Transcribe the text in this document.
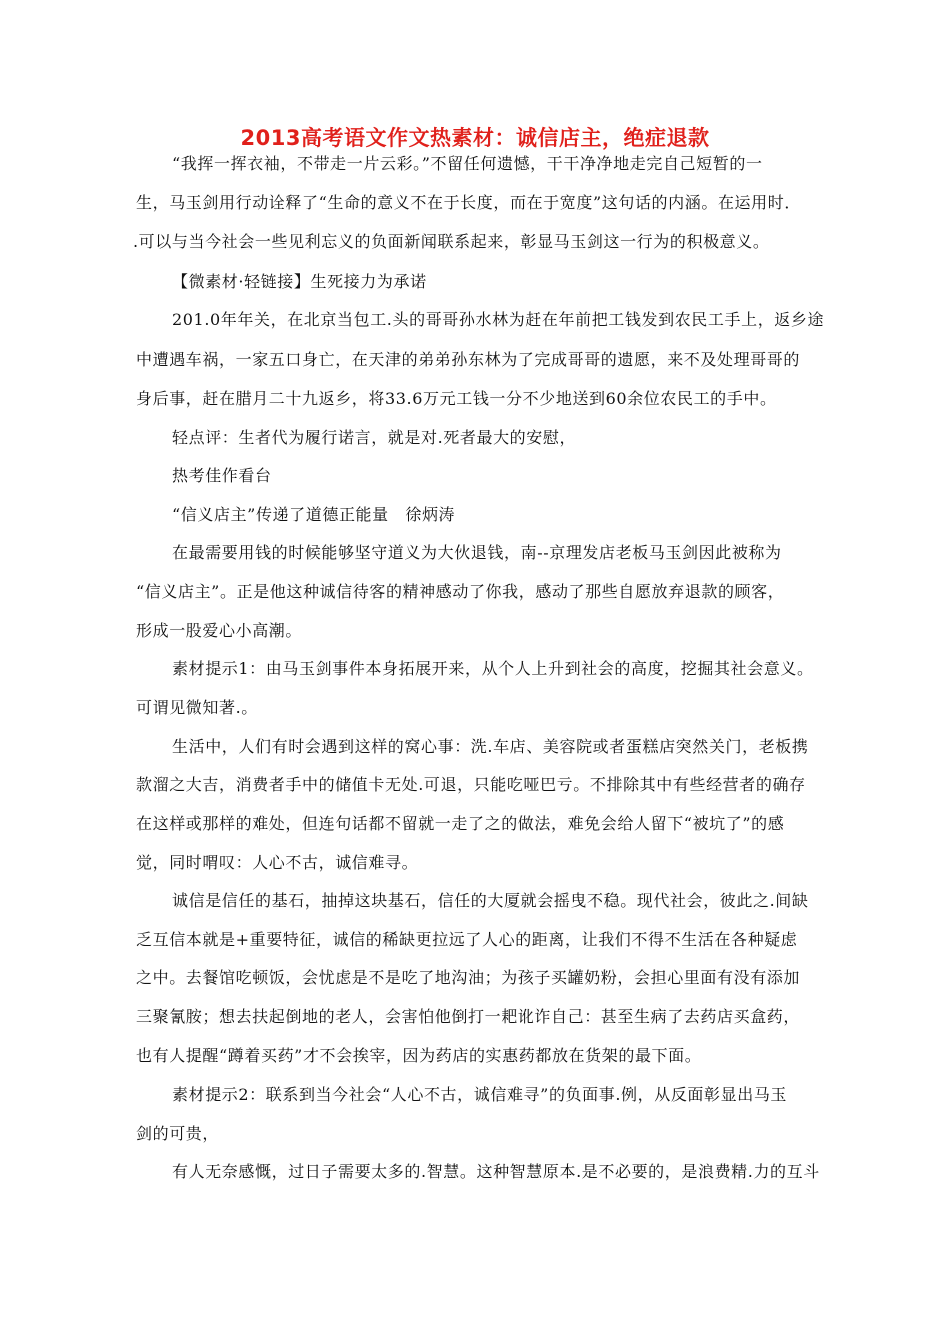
2013高考语文作文热素材：诚信店主，绝症退款
“我挥一挥衣袖，不带走一片云彩。”不留任何遗憾，干干净净地走完自己短暂的一
生，马玉剑用行动诠释了“生命的意义不在于长度，而在于宽度”这句话的内涵。在运用时．
.可以与当今社会一些见利忘义的负面新闻联系起来，彰显马玉剑这一行为的积极意义。
【微素材·轻链接】生死接力为承诺
201.0年年关，在北京当包工.头的哥哥孙水林为赶在年前把工钱发到农民工手上，返乡途
中遭遇车祸，一家五口身亡，在天津的弟弟孙东林为了完成哥哥的遗愿，来不及处理哥哥的
身后事，赶在腊月二十九返乡，将33.6万元工钱一分不少地送到60余位农民工的手中。
轻点评：生者代为履行诺言，就是对.死者最大的安慰，
热考佳作看台
“信义店主”传递了道德正能量　徐炳涛
在最需要用钱的时候能够坚守道义为大伙退钱，南--京理发店老板马玉剑因此被称为
“信义店主”。正是他这种诚信待客的精神感动了你我，感动了那些自愿放弃退款的顾客，
形成一股爱心小高潮。
素材提示1：由马玉剑事件本身拓展开来，从个人上升到社会的高度，挖掘其社会意义。
可谓见微知著.。
生活中，人们有时会遇到这样的窝心事：洗.车店、美容院或者蛋糕店突然关门，老板携
款溜之大吉，消费者手中的储值卡无处.可退，只能吃哑巴亏。不排除其中有些经营者的确存
在这样或那样的难处，但连句话都不留就一走了之的做法，难免会给人留下“被坑了”的感
觉，同时喟叹：人心不古，诚信难寻。
诚信是信任的基石，抽掉这块基石，信任的大厦就会摇曳不稳。现代社会，彼此之.间缺
乏互信本就是+重要特征，诚信的稀缺更拉远了人心的距离，让我们不得不生活在各种疑虑
之中。去餐馆吃顿饭，会忧虑是不是吃了地沟油；为孩子买罐奶粉，会担心里面有没有添加
三聚氰胺；想去扶起倒地的老人，会害怕他倒打一耙讹诈自己：甚至生病了去药店买盒药，
也有人提醒“蹲着买药”才不会挨宰，因为药店的实惠药都放在货架的最下面。
素材提示2：联系到当今社会“人心不古，诚信难寻”的负面事.例，从反面彰显出马玉
剑的可贵，
有人无奈感慨，过日子需要太多的.智慧。这种智慧原本.是不必要的，是浪费精.力的互斗
